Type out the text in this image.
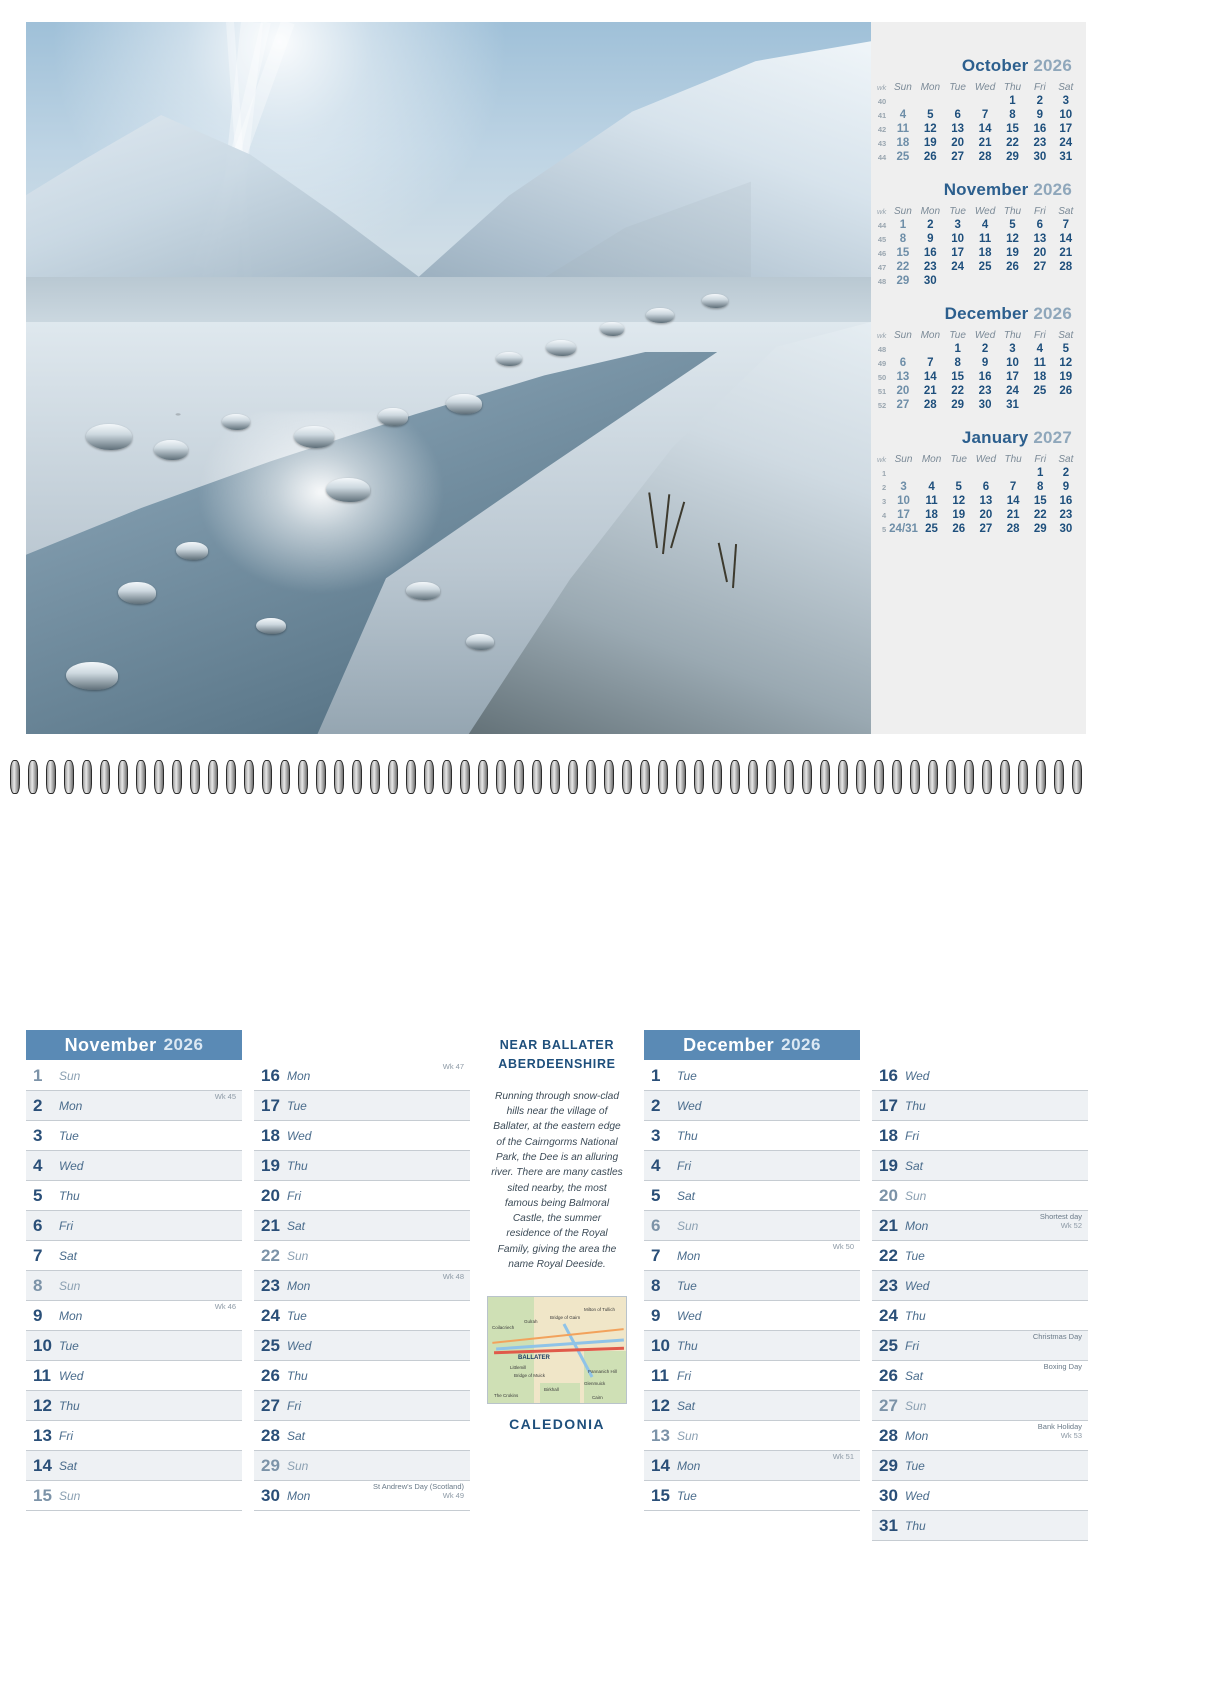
October 2026
wk	Sun	Mon	Tue	Wed	Thu	Fri	Sat
40					1	2	3
41	4	5	6	7	8	9	10
42	11	12	13	14	15	16	17
43	18	19	20	21	22	23	24
44	25	26	27	28	29	30	31
November 2026
wk	Sun	Mon	Tue	Wed	Thu	Fri	Sat
44	1	2	3	4	5	6	7
45	8	9	10	11	12	13	14
46	15	16	17	18	19	20	21
47	22	23	24	25	26	27	28
48	29	30					
December 2026
wk	Sun	Mon	Tue	Wed	Thu	Fri	Sat
48			1	2	3	4	5
49	6	7	8	9	10	11	12
50	13	14	15	16	17	18	19
51	20	21	22	23	24	25	26
52	27	28	29	30	31		
January 2027
wk	Sun	Mon	Tue	Wed	Thu	Fri	Sat
1						1	2
2	3	4	5	6	7	8	9
3	10	11	12	13	14	15	16
4	17	18	19	20	21	22	23
5	24/31	25	26	27	28	29	30
November 2026
1	Sun
2	Mon
Wk 45
3	Tue
4	Wed
5	Thu
6	Fri
7	Sat
8	Sun
9	Mon
Wk 46
10 Tue
11 Wed
12 Thu
13 Fri
14 Sat
15 Sun
16 Mon
Wk 47
17 Tue
18 Wed
19 Thu
20 Fri
21 Sat
22 Sun
23 Mon
Wk 48
24 Tue
25 Wed
26 Thu
27 Fri
28 Sat
29 Sun
30 Mon
St Andrew's Day (Scotland)
Wk 49
NEAR BALLATER
ABERDEENSHIRE
Running through snow-clad hills near the village of Ballater, at the eastern edge of the Cairngorms National Park, the Dee is an alluring river. There are many castles sited nearby, the most famous being Balmoral Castle, the summer residence of the Royal Family, giving the area the name Royal Deeside.
BALLATER
Milton of Tullich
Bridge of Gairn
Gulrah
Coilacriech
Littlemill
Bridge of Muick
Pannanich Hill
Birkhall
Glenmuick
The Crokins	Cairn
CALEDONIA
December 2026
1	Tue
2	Wed
3	Thu
4	Fri
5	Sat
6	Sun
7	Mon
Wk 50
8	Tue
9	Wed
10 Thu
11 Fri
12 Sat
13 Sun
14 Mon
Wk 51
15 Tue
16 Wed
17 Thu
18 Fri
19 Sat
20 Sun
21 Mon
Shortest day
Wk 52
22 Tue
23 Wed
24 Thu
25 Fri
Christmas Day
26 Sat
Boxing Day
27 Sun
28 Mon
Bank Holiday
Wk 53
29 Tue
30 Wed
31 Thu
